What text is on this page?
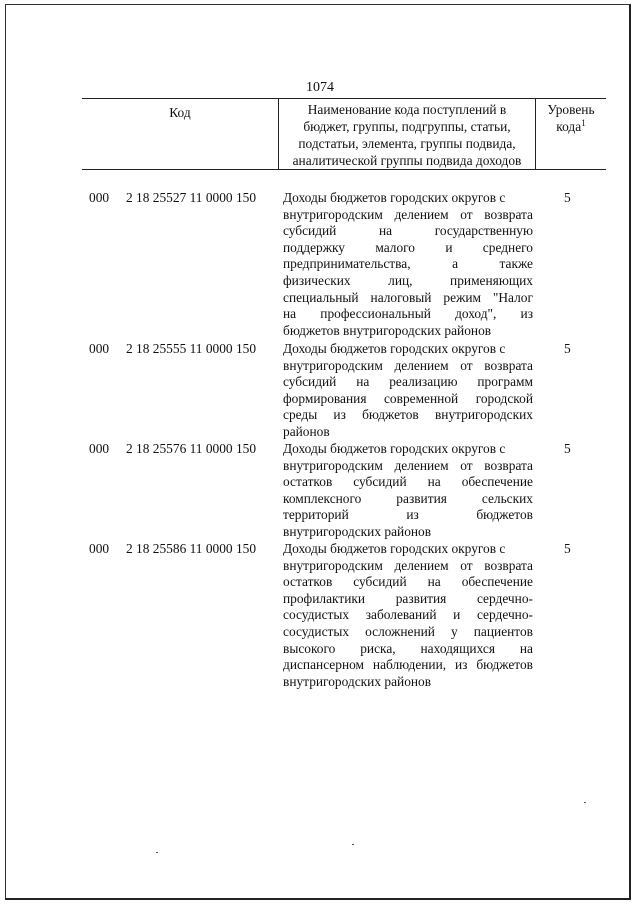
1074
Код	Наименование кода поступлений в
бюджет, группы, подгруппы, статьи,
подстатьи, элемента, группы подвида,
аналитической группы подвида доходов
Уровень
кода$^1$
000 2 18 25527 11 0000 150 Доходы бюджетов городских округов с
внутригородским делением от возврата
субсидий на государственную
поддержку малого и среднего
предпринимательства, а также
физических лиц, применяющих
специальный налоговый режим "Налог
на профессиональный доход", из
бюджетов внутригородских районов
5
000 2 18 25555 11 0000 150 Доходы бюджетов городских округов с
внутригородским делением от возврата
субсидий на реализацию программ
формирования современной городской
среды из бюджетов внутригородских
районов
5
000 2 18 25576 11 0000 150 Доходы бюджетов городских округов с
внутригородским делением от возврата
остатков субсидий на обеспечение
комплексного развития сельских
территорий из бюджетов
внутригородских районов
5
000 2 18 25586 11 0000 150 Доходы бюджетов городских округов с
внутригородским делением от возврата
остатков субсидий на обеспечение
профилактики развития сердечно-
сосудистых заболеваний и сердечно-
сосудистых осложнений у пациентов
высокого риска, находящихся на
диспансерном наблюдении, из бюджетов
внутригородских районов
5
